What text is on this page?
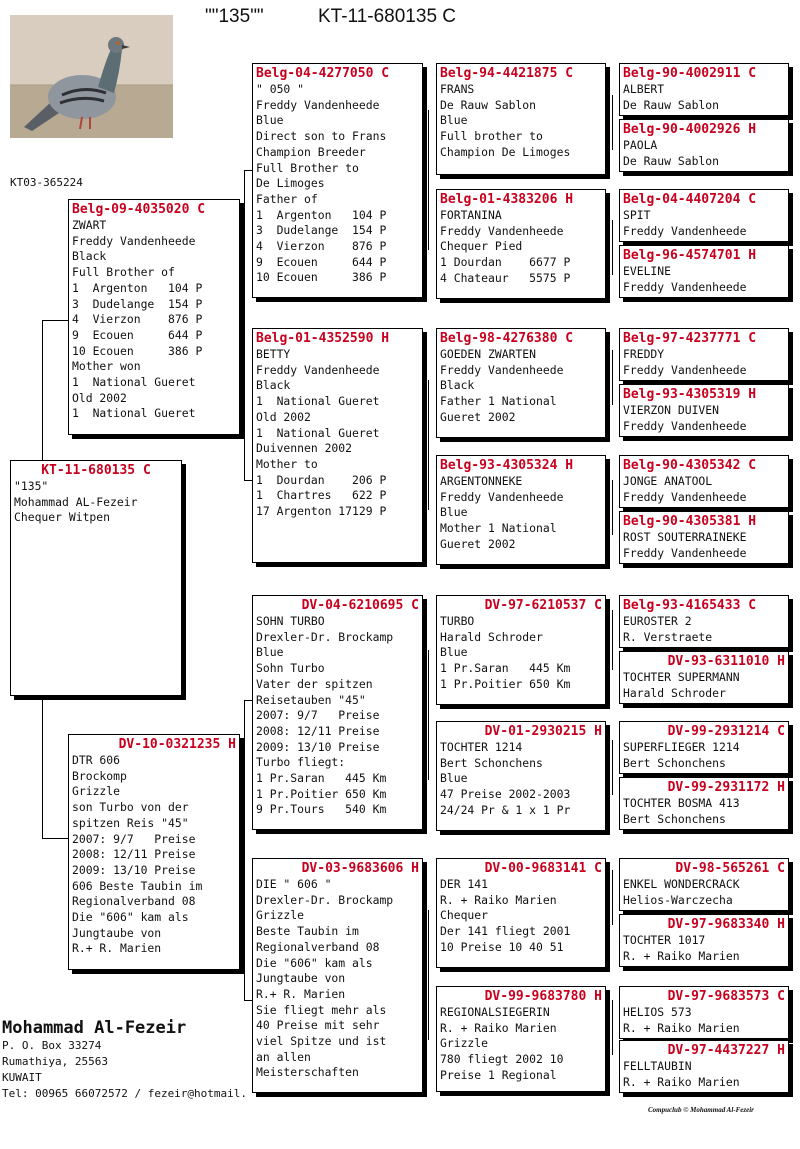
""135""	KT-11-680135 C
KT03-365224
KT-11-680135 C
"135"
Mohammad AL-Fezeir
Chequer Witpen
Belg-09-4035020 C
ZWART
Freddy Vandenheede
Black
Full Brother of
1  Argenton   104 P
3  Dudelange  154 P
4  Vierzon    876 P
9  Ecouen     644 P
10 Ecouen     386 P
Mother won
1  National Gueret
Old 2002
1  National Gueret
DV-10-0321235 H
DTR 606
Brockomp
Grizzle
son Turbo von der
spitzen Reis "45"
2007: 9/7   Preise
2008: 12/11 Preise
2009: 13/10 Preise
606 Beste Taubin im
Regionalverband 08
Die "606" kam als
Jungtaube von
R.+ R. Marien
Belg-04-4277050 C
" 050 "
Freddy Vandenheede
Blue
Direct son to Frans
Champion Breeder
Full Brother to
De Limoges
Father of
1  Argenton   104 P
3  Dudelange  154 P
4  Vierzon    876 P
9  Ecouen     644 P
10 Ecouen     386 P
Belg-01-4352590 H
BETTY
Freddy Vandenheede
Black
1  National Gueret
Old 2002
1  National Gueret
Duivennen 2002
Mother to
1  Dourdan    206 P
1  Chartres   622 P
17 Argenton 17129 P
DV-04-6210695 C
SOHN TURBO
Drexler-Dr. Brockamp
Blue
Sohn Turbo
Vater der spitzen
Reisetauben "45"
2007: 9/7   Preise
2008: 12/11 Preise
2009: 13/10 Preise
Turbo fliegt:
1 Pr.Saran   445 Km
1 Pr.Poitier 650 Km
9 Pr.Tours   540 Km
DV-03-9683606 H
DIE " 606 "
Drexler-Dr. Brockamp
Grizzle
Beste Taubin im
Regionalverband 08
Die "606" kam als
Jungtaube von
R.+ R. Marien
Sie fliegt mehr als
40 Preise mit sehr
viel Spitze und ist
an allen
Meisterschaften
Belg-94-4421875 C
FRANS
De Rauw Sablon
Blue
Full brother to
Champion De Limoges
Belg-01-4383206 H
FORTANINA
Freddy Vandenheede
Chequer Pied
1 Dourdan    6677 P
4 Chateaur   5575 P
Belg-98-4276380 C
GOEDEN ZWARTEN
Freddy Vandenheede
Black
Father 1 National
Gueret 2002
Belg-93-4305324 H
ARGENTONNEKE
Freddy Vandenheede
Blue
Mother 1 National
Gueret 2002
DV-97-6210537 C
TURBO
Harald Schroder
Blue
1 Pr.Saran   445 Km
1 Pr.Poitier 650 Km
DV-01-2930215 H
TOCHTER 1214
Bert Schonchens
Blue
47 Preise 2002-2003
24/24 Pr & 1 x 1 Pr
DV-00-9683141 C
DER 141
R. + Raiko Marien
Chequer
Der 141 fliegt 2001
10 Preise 10 40 51
DV-99-9683780 H
REGIONALSIEGERIN
R. + Raiko Marien
Grizzle
780 fliegt 2002 10
Preise 1 Regional
Belg-90-4002911 C
ALBERT
De Rauw Sablon
Belg-90-4002926 H
PAOLA
De Rauw Sablon
Belg-04-4407204 C
SPIT
Freddy Vandenheede
Belg-96-4574701 H
EVELINE
Freddy Vandenheede
Belg-97-4237771 C
FREDDY
Freddy Vandenheede
Belg-93-4305319 H
VIERZON DUIVEN
Freddy Vandenheede
Belg-90-4305342 C
JONGE ANATOOL
Freddy Vandenheede
Belg-90-4305381 H
ROST SOUTERRAINEKE
Freddy Vandenheede
Belg-93-4165433 C
EUROSTER 2
R. Verstraete
DV-93-6311010 H
TOCHTER SUPERMANN
Harald Schroder
DV-99-2931214 C
SUPERFLIEGER 1214
Bert Schonchens
DV-99-2931172 H
TOCHTER BOSMA 413
Bert Schonchens
DV-98-565261 C
ENKEL WONDERCRACK
Helios-Warczecha
DV-97-9683340 H
TOCHTER 1017
R. + Raiko Marien
DV-97-9683573 C
HELIOS 573
R. + Raiko Marien
DV-97-4437227 H
FELLTAUBIN
R. + Raiko Marien
Mohammad Al-Fezeir
P. O. Box 33274
Rumathiya, 25563
KUWAIT
Tel: 00965 66072572 / fezeir@hotmail.
Compuclub © Mohammad Al-Fezeir
